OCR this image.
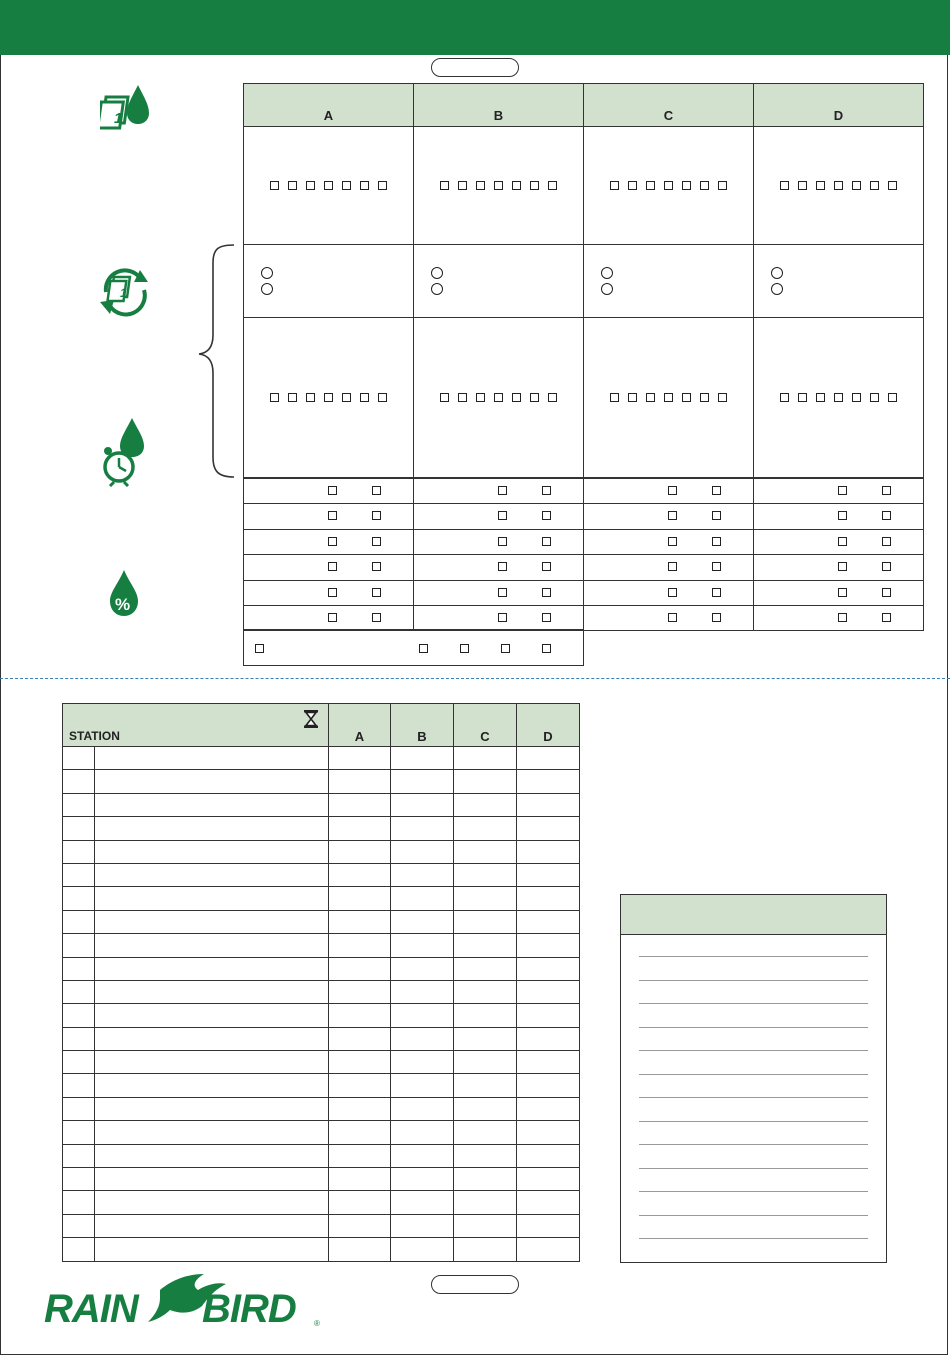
1
1
%
A	B	C	D

STATION		A	B	C	D

RAIN BIRD ®
